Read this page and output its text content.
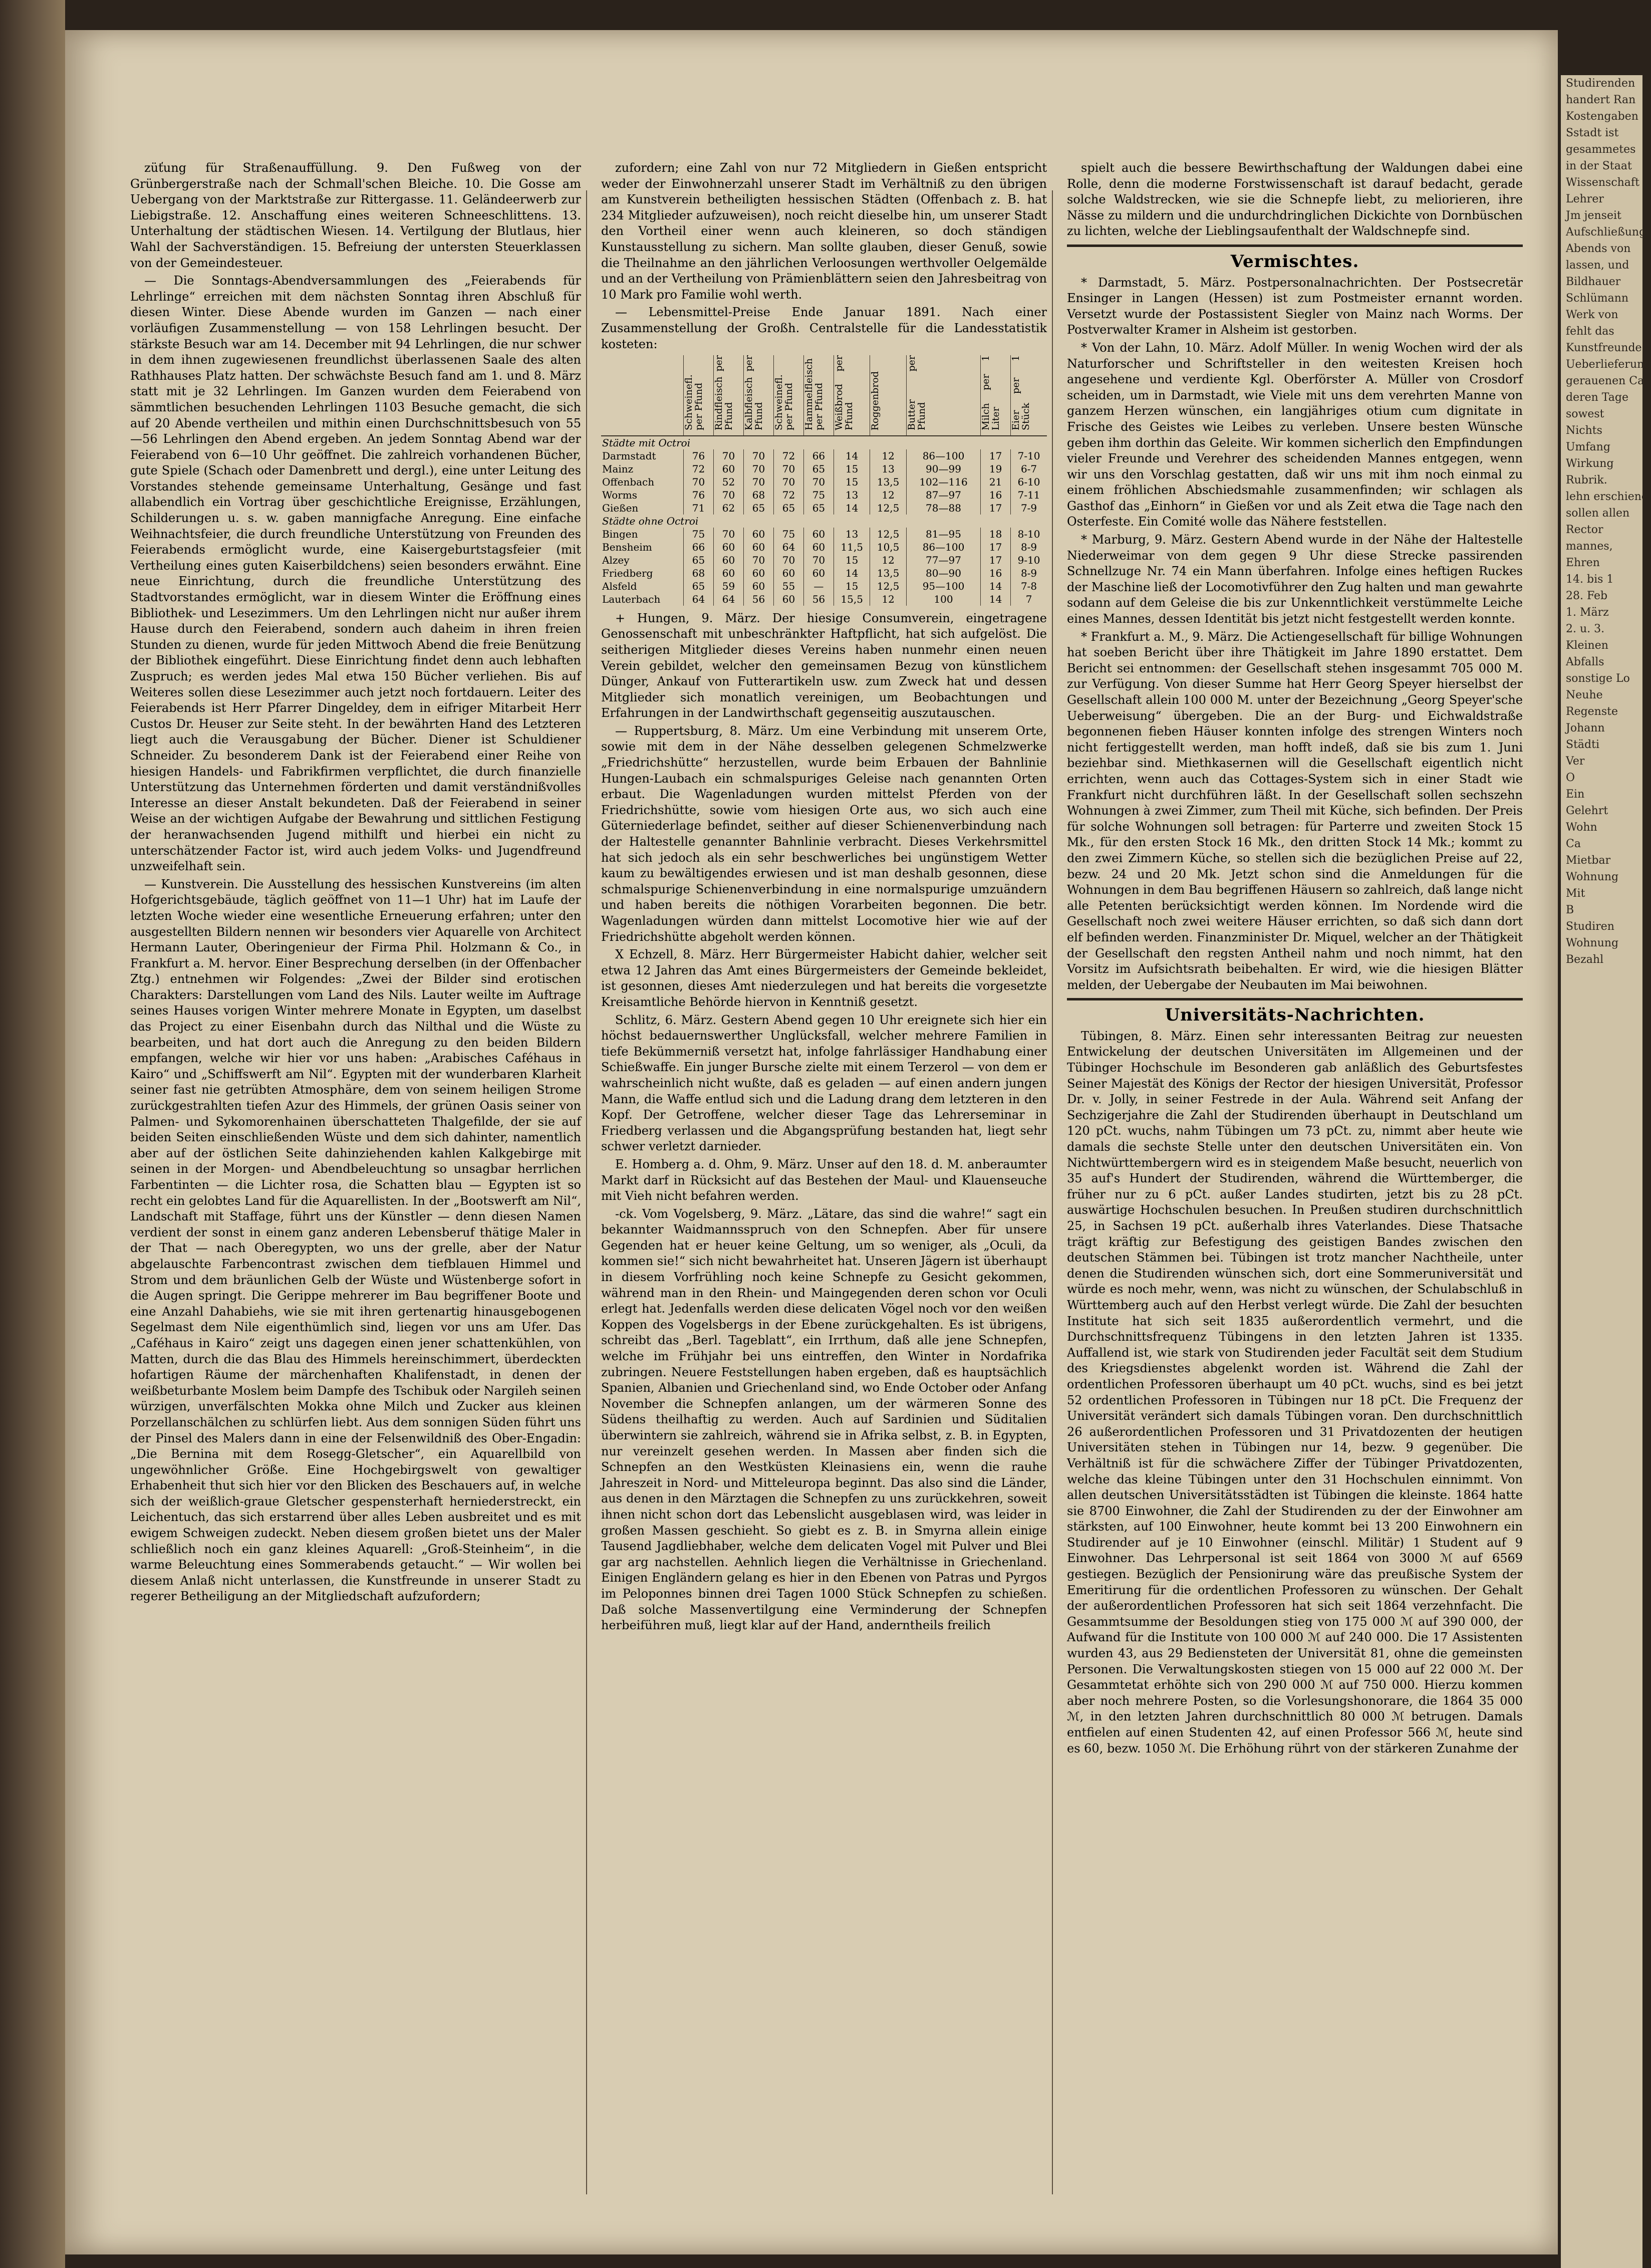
züťung für Straßenauffüllung. 9. Den Fußweg von der Grünbergerstraße nach der Schmall'schen Bleiche. 10. Die Gosse am Uebergang von der Marktstraße zur Rittergasse. 11. Geländeerwerb zur Liebigstraße. 12. Anschaffung eines weiteren Schneeschlittens. 13. Unterhaltung der städtischen Wiesen. 14. Vertilgung der Blutlaus, hier Wahl der Sachverständigen. 15. Befreiung der untersten Steuerklassen von der Gemeindesteuer.

— Die Sonntags-Abendversammlungen des „Feierabends für Lehrlinge“ erreichen mit dem nächsten Sonntag ihren Abschluß für diesen Winter. Diese Abende wurden im Ganzen — nach einer vorläufigen Zusammenstellung — von 158 Lehrlingen besucht. Der stärkste Besuch war am 14. December mit 94 Lehrlingen, die nur schwer in dem ihnen zugewiesenen freundlichst überlassenen Saale des alten Rathhauses Platz hatten. Der schwächste Besuch fand am 1. und 8. März statt mit je 32 Lehrlingen. Im Ganzen wurden dem Feierabend von sämmtlichen besuchenden Lehrlingen 1103 Besuche gemacht, die sich auf 20 Abende vertheilen und mithin einen Durchschnittsbesuch von 55—56 Lehrlingen den Abend ergeben. An jedem Sonntag Abend war der Feierabend von 6—10 Uhr geöffnet. Die zahlreich vorhandenen Bücher, gute Spiele (Schach oder Damenbrett und dergl.), eine unter Leitung des Vorstandes stehende gemeinsame Unterhaltung, Gesänge und fast allabendlich ein Vortrag über geschichtliche Ereignisse, Erzählungen, Schilderungen u. s. w. gaben mannigfache Anregung. Eine einfache Weihnachtsfeier, die durch freundliche Unterstützung von Freunden des Feierabends ermöglicht wurde, eine Kaisergeburtstagsfeier (mit Vertheilung eines guten Kaiserbildchens) seien besonders erwähnt. Eine neue Einrichtung, durch die freundliche Unterstützung des Stadtvorstandes ermöglicht, war in diesem Winter die Eröffnung eines Bibliothek- und Lesezimmers. Um den Lehrlingen nicht nur außer ihrem Hause durch den Feierabend, sondern auch daheim in ihren freien Stunden zu dienen, wurde für jeden Mittwoch Abend die freie Benützung der Bibliothek eingeführt. Diese Einrichtung findet denn auch lebhaften Zuspruch; es werden jedes Mal etwa 150 Bücher verliehen. Bis auf Weiteres sollen diese Lesezimmer auch jetzt noch fortdauern. Leiter des Feierabends ist Herr Pfarrer Dingeldey, dem in eifriger Mitarbeit Herr Custos Dr. Heuser zur Seite steht. In der bewährten Hand des Letzteren liegt auch die Verausgabung der Bücher. Diener ist Schuldiener Schneider. Zu besonderem Dank ist der Feierabend einer Reihe von hiesigen Handels- und Fabrikfirmen verpflichtet, die durch finanzielle Unterstützung das Unternehmen förderten und damit verständnißvolles Interesse an dieser Anstalt bekundeten. Daß der Feierabend in seiner Weise an der wichtigen Aufgabe der Bewahrung und sittlichen Festigung der heranwachsenden Jugend mithilft und hierbei ein nicht zu unterschätzender Factor ist, wird auch jedem Volks- und Jugendfreund unzweifelhaft sein.

— Kunstverein. Die Ausstellung des hessischen Kunstvereins (im alten Hofgerichtsgebäude, täglich geöffnet von 11—1 Uhr) hat im Laufe der letzten Woche wieder eine wesentliche Erneuerung erfahren; unter den ausgestellten Bildern nennen wir besonders vier Aquarelle von Architect Hermann Lauter, Oberingenieur der Firma Phil. Holzmann & Co., in Frankfurt a. M. hervor. Einer Besprechung derselben (in der Offenbacher Ztg.) entnehmen wir Folgendes: „Zwei der Bilder sind erotischen Charakters: Darstellungen vom Land des Nils. Lauter weilte im Auftrage seines Hauses vorigen Winter mehrere Monate in Egypten, um daselbst das Project zu einer Eisenbahn durch das Nilthal und die Wüste zu bearbeiten, und hat dort auch die Anregung zu den beiden Bildern empfangen, welche wir hier vor uns haben: „Arabisches Caféhaus in Kairo“ und „Schiffswerft am Nil“. Egypten mit der wunderbaren Klarheit seiner fast nie getrübten Atmosphäre, dem von seinem heiligen Strome zurückgestrahlten tiefen Azur des Himmels, der grünen Oasis seiner von Palmen- und Sykomorenhainen überschatteten Thalgefilde, der sie auf beiden Seiten einschließenden Wüste und dem sich dahinter, namentlich aber auf der östlichen Seite dahinziehenden kahlen Kalkgebirge mit seinen in der Morgen- und Abendbeleuchtung so unsagbar herrlichen Farbentinten — die Lichter rosa, die Schatten blau — Egypten ist so recht ein gelobtes Land für die Aquarellisten. In der „Bootswerft am Nil“, Landschaft mit Staffage, führt uns der Künstler — denn diesen Namen verdient der sonst in einem ganz anderen Lebensberuf thätige Maler in der That — nach Oberegypten, wo uns der grelle, aber der Natur abgelauschte Farbencontrast zwischen dem tiefblauen Himmel und Strom und dem bräunlichen Gelb der Wüste und Wüstenberge sofort in die Augen springt. Die Gerippe mehrerer im Bau begriffener Boote und eine Anzahl Dahabiehs, wie sie mit ihren gertenartig hinausgebogenen Segelmast dem Nile eigenthümlich sind, liegen vor uns am Ufer. Das „Caféhaus in Kairo“ zeigt uns dagegen einen jener schattenkühlen, von Matten, durch die das Blau des Himmels hereinschimmert, überdeckten hofartigen Räume der märchenhaften Khalifenstadt, in denen der weißbeturbante Moslem beim Dampfe des Tschibuk oder Nargileh seinen würzigen, unverfälschten Mokka ohne Milch und Zucker aus kleinen Porzellanschälchen zu schlürfen liebt. Aus dem sonnigen Süden führt uns der Pinsel des Malers dann in eine der Felsenwildniß des Ober-Engadin: „Die Bernina mit dem Rosegg-Gletscher“, ein Aquarellbild von ungewöhnlicher Größe. Eine Hochgebirgswelt von gewaltiger Erhabenheit thut sich hier vor den Blicken des Beschauers auf, in welche sich der weißlich-graue Gletscher gespensterhaft herniederstreckt, ein Leichentuch, das sich erstarrend über alles Leben ausbreitet und es mit ewigem Schweigen zudeckt. Neben diesem großen bietet uns der Maler schließlich noch ein ganz kleines Aquarell: „Groß-Steinheim“, in die warme Beleuchtung eines Sommerabends getaucht.“ — Wir wollen bei diesem Anlaß nicht unterlassen, die Kunstfreunde in unserer Stadt zu regerer Betheiligung an der Mitgliedschaft aufzufordern;

zufordern; eine Zahl von nur 72 Mitgliedern in Gießen entspricht weder der Einwohnerzahl unserer Stadt im Verhältniß zu den übrigen am Kunstverein betheiligten hessischen Städten (Offenbach z. B. hat 234 Mitglieder aufzuweisen), noch reicht dieselbe hin, um unserer Stadt den Vortheil einer wenn auch kleineren, so doch ständigen Kunstausstellung zu sichern. Man sollte glauben, dieser Genuß, sowie die Theilnahme an den jährlichen Verloosungen werthvoller Oelgemälde und an der Vertheilung von Prämienblättern seien den Jahresbeitrag von 10 Mark pro Familie wohl werth.

— Lebensmittel-Preise Ende Januar 1891. Nach einer Zusammenstellung der Großh. Centralstelle für die Landesstatistik kosteten:

	Schweinefl. per Pfund	Rindfleisch per Pfund	Kalbfleisch per Pfund	Schweinefl. per Pfund	Hammelfleisch per Pfund	Weißbrod per Pfund	Roggenbrod	Butter per Pfund	Milch per 1 Liter	Eier per 1 Stück
Städte mit Octroi										
Darmstadt	76	70	70	72	66	14	12	86—100	17	7-10
Mainz	72	60	70	70	65	15	13	90—99	19	6-7
Offenbach	70	52	70	70	70	15	13,5	102—116	21	6-10
Worms	76	70	68	72	75	13	12	87—97	16	7-11
Gießen	71	62	65	65	65	14	12,5	78—88	17	7-9
Städte ohne Octroi										
Bingen	75	70	60	75	60	13	12,5	81—95	18	8-10
Bensheim	66	60	60	64	60	11,5	10,5	86—100	17	8-9
Alzey	65	60	70	70	70	15	12	77—97	17	9-10
Friedberg	68	60	60	60	60	14	13,5	80—90	16	8-9
Alsfeld	65	59	60	55	—	15	12,5	95—100	14	7-8
Lauterbach	64	64	56	60	56	15,5	12	100	14	7

+ Hungen, 9. März. Der hiesige Consumverein, eingetragene Genossenschaft mit unbeschränkter Haftpflicht, hat sich aufgelöst. Die seitherigen Mitglieder dieses Vereins haben nunmehr einen neuen Verein gebildet, welcher den gemeinsamen Bezug von künstlichem Dünger, Ankauf von Futterartikeln usw. zum Zweck hat und dessen Mitglieder sich monatlich vereinigen, um Beobachtungen und Erfahrungen in der Landwirthschaft gegenseitig auszutauschen.

— Ruppertsburg, 8. März. Um eine Verbindung mit unserem Orte, sowie mit dem in der Nähe desselben gelegenen Schmelzwerke „Friedrichshütte“ herzustellen, wurde beim Erbauen der Bahnlinie Hungen-Laubach ein schmalspuriges Geleise nach genannten Orten erbaut. Die Wagenladungen wurden mittelst Pferden von der Friedrichshütte, sowie vom hiesigen Orte aus, wo sich auch eine Güterniederlage befindet, seither auf dieser Schienenverbindung nach der Haltestelle genannter Bahnlinie verbracht. Dieses Verkehrsmittel hat sich jedoch als ein sehr beschwerliches bei ungünstigem Wetter kaum zu bewältigendes erwiesen und ist man deshalb gesonnen, diese schmalspurige Schienenverbindung in eine normalspurige umzuändern und haben bereits die nöthigen Vorarbeiten begonnen. Die betr. Wagenladungen würden dann mittelst Locomotive hier wie auf der Friedrichshütte abgeholt werden können.

X Echzell, 8. März. Herr Bürgermeister Habicht dahier, welcher seit etwa 12 Jahren das Amt eines Bürgermeisters der Gemeinde bekleidet, ist gesonnen, dieses Amt niederzulegen und hat bereits die vorgesetzte Kreisamtliche Behörde hiervon in Kenntniß gesetzt.

Schlitz, 6. März. Gestern Abend gegen 10 Uhr ereignete sich hier ein höchst bedauernswerther Unglücksfall, welcher mehrere Familien in tiefe Bekümmerniß versetzt hat, infolge fahrlässiger Handhabung einer Schießwaffe. Ein junger Bursche zielte mit einem Terzerol — von dem er wahrscheinlich nicht wußte, daß es geladen — auf einen andern jungen Mann, die Waffe entlud sich und die Ladung drang dem letzteren in den Kopf. Der Getroffene, welcher dieser Tage das Lehrerseminar in Friedberg verlassen und die Abgangsprüfung bestanden hat, liegt sehr schwer verletzt darnieder.

E. Homberg a. d. Ohm, 9. März. Unser auf den 18. d. M. anberaumter Markt darf in Rücksicht auf das Bestehen der Maul- und Klauenseuche mit Vieh nicht befahren werden.

-ck. Vom Vogelsberg, 9. März. „Lätare, das sind die wahre!“ sagt ein bekannter Waidmannsspruch von den Schnepfen. Aber für unsere Gegenden hat er heuer keine Geltung, um so weniger, als „Oculi, da kommen sie!“ sich nicht bewahrheitet hat. Unseren Jägern ist überhaupt in diesem Vorfrühling noch keine Schnepfe zu Gesicht gekommen, während man in den Rhein- und Maingegenden deren schon vor Oculi erlegt hat. Jedenfalls werden diese delicaten Vögel noch vor den weißen Koppen des Vogelsbergs in der Ebene zurückgehalten. Es ist übrigens, schreibt das „Berl. Tageblatt“, ein Irrthum, daß alle jene Schnepfen, welche im Frühjahr bei uns eintreffen, den Winter in Nordafrika zubringen. Neuere Feststellungen haben ergeben, daß es hauptsächlich Spanien, Albanien und Griechenland sind, wo Ende October oder Anfang November die Schnepfen anlangen, um der wärmeren Sonne des Südens theilhaftig zu werden. Auch auf Sardinien und Süditalien überwintern sie zahlreich, während sie in Afrika selbst, z. B. in Egypten, nur vereinzelt gesehen werden. In Massen aber finden sich die Schnepfen an den Westküsten Kleinasiens ein, wenn die rauhe Jahreszeit in Nord- und Mitteleuropa beginnt. Das also sind die Länder, aus denen in den Märztagen die Schnepfen zu uns zurückkehren, soweit ihnen nicht schon dort das Lebenslicht ausgeblasen wird, was leider in großen Massen geschieht. So giebt es z. B. in Smyrna allein einige Tausend Jagdliebhaber, welche dem delicaten Vogel mit Pulver und Blei gar arg nachstellen. Aehnlich liegen die Verhältnisse in Griechenland. Einigen Engländern gelang es hier in den Ebenen von Patras und Pyrgos im Peloponnes binnen drei Tagen 1000 Stück Schnepfen zu schießen. Daß solche Massenvertilgung eine Verminderung der Schnepfen herbeiführen muß, liegt klar auf der Hand, anderntheils freilich

spielt auch die bessere Bewirthschaftung der Waldungen dabei eine Rolle, denn die moderne Forstwissenschaft ist darauf bedacht, gerade solche Waldstrecken, wie sie die Schnepfe liebt, zu meliorieren, ihre Nässe zu mildern und die undurchdringlichen Dickichte von Dornbüschen zu lichten, welche der Lieblingsaufenthalt der Waldschnepfe sind.

Vermischtes.

* Darmstadt, 5. März. Postpersonalnachrichten. Der Postsecretär Ensinger in Langen (Hessen) ist zum Postmeister ernannt worden. Versetzt wurde der Postassistent Siegler von Mainz nach Worms. Der Postverwalter Kramer in Alsheim ist gestorben.

* Von der Lahn, 10. März. Adolf Müller. In wenig Wochen wird der als Naturforscher und Schriftsteller in den weitesten Kreisen hoch angesehene und verdiente Kgl. Oberförster A. Müller von Crosdorf scheiden, um in Darmstadt, wie Viele mit uns dem verehrten Manne von ganzem Herzen wünschen, ein langjähriges otium cum dignitate in Frische des Geistes wie Leibes zu verleben. Unsere besten Wünsche geben ihm dorthin das Geleite. Wir kommen sicherlich den Empfindungen vieler Freunde und Verehrer des scheidenden Mannes entgegen, wenn wir uns den Vorschlag gestatten, daß wir uns mit ihm noch einmal zu einem fröhlichen Abschiedsmahle zusammenfinden; wir schlagen als Gasthof das „Einhorn“ in Gießen vor und als Zeit etwa die Tage nach den Osterfeste. Ein Comité wolle das Nähere feststellen.

* Marburg, 9. März. Gestern Abend wurde in der Nähe der Haltestelle Niederweimar von dem gegen 9 Uhr diese Strecke passirenden Schnellzuge Nr. 74 ein Mann überfahren. Infolge eines heftigen Ruckes der Maschine ließ der Locomotivführer den Zug halten und man gewahrte sodann auf dem Geleise die bis zur Unkenntlichkeit verstümmelte Leiche eines Mannes, dessen Identität bis jetzt nicht festgestellt werden konnte.

* Frankfurt a. M., 9. März. Die Actiengesellschaft für billige Wohnungen hat soeben Bericht über ihre Thätigkeit im Jahre 1890 erstattet. Dem Bericht sei entnommen: der Gesellschaft stehen insgesammt 705 000 M. zur Verfügung. Von dieser Summe hat Herr Georg Speyer hierselbst der Gesellschaft allein 100 000 M. unter der Bezeichnung „Georg Speyer'sche Ueberweisung“ übergeben. Die an der Burg- und Eichwaldstraße begonnenen fieben Häuser konnten infolge des strengen Winters noch nicht fertiggestellt werden, man hofft indeß, daß sie bis zum 1. Juni beziehbar sind. Miethkasernen will die Gesellschaft eigentlich nicht errichten, wenn auch das Cottages-System sich in einer Stadt wie Frankfurt nicht durchführen läßt. In der Gesellschaft sollen sechszehn Wohnungen à zwei Zimmer, zum Theil mit Küche, sich befinden. Der Preis für solche Wohnungen soll betragen: für Parterre und zweiten Stock 15 Mk., für den ersten Stock 16 Mk., den dritten Stock 14 Mk.; kommt zu den zwei Zimmern Küche, so stellen sich die bezüglichen Preise auf 22, bezw. 24 und 20 Mk. Jetzt schon sind die Anmeldungen für die Wohnungen in dem Bau begriffenen Häusern so zahlreich, daß lange nicht alle Petenten berücksichtigt werden können. Im Nordende wird die Gesellschaft noch zwei weitere Häuser errichten, so daß sich dann dort elf befinden werden. Finanzminister Dr. Miquel, welcher an der Thätigkeit der Gesellschaft den regsten Antheil nahm und noch nimmt, hat den Vorsitz im Aufsichtsrath beibehalten. Er wird, wie die hiesigen Blätter melden, der Uebergabe der Neubauten im Mai beiwohnen.

Universitäts-Nachrichten.

Tübingen, 8. März. Einen sehr interessanten Beitrag zur neuesten Entwickelung der deutschen Universitäten im Allgemeinen und der Tübinger Hochschule im Besonderen gab anläßlich des Geburtsfestes Seiner Majestät des Königs der Rector der hiesigen Universität, Professor Dr. v. Jolly, in seiner Festrede in der Aula. Während seit Anfang der Sechzigerjahre die Zahl der Studirenden überhaupt in Deutschland um 120 pCt. wuchs, nahm Tübingen um 73 pCt. zu, nimmt aber heute wie damals die sechste Stelle unter den deutschen Universitäten ein. Von Nichtwürttembergern wird es in steigendem Maße besucht, neuerlich von 35 auf's Hundert der Studirenden, während die Württemberger, die früher nur zu 6 pCt. außer Landes studirten, jetzt bis zu 28 pCt. auswärtige Hochschulen besuchen. In Preußen studiren durchschnittlich 25, in Sachsen 19 pCt. außerhalb ihres Vaterlandes. Diese Thatsache trägt kräftig zur Befestigung des geistigen Bandes zwischen den deutschen Stämmen bei. Tübingen ist trotz mancher Nachtheile, unter denen die Studirenden wünschen sich, dort eine Sommeruniversität und würde es noch mehr, wenn, was nicht zu wünschen, der Schulabschluß in Württemberg auch auf den Herbst verlegt würde. Die Zahl der besuchten Institute hat sich seit 1835 außerordentlich vermehrt, und die Durchschnittsfrequenz Tübingens in den letzten Jahren ist 1335. Auffallend ist, wie stark von Studirenden jeder Facultät seit dem Studium des Kriegsdienstes abgelenkt worden ist. Während die Zahl der ordentlichen Professoren überhaupt um 40 pCt. wuchs, sind es bei jetzt 52 ordentlichen Professoren in Tübingen nur 18 pCt. Die Frequenz der Universität verändert sich damals Tübingen voran. Den durchschnittlich 26 außerordentlichen Professoren und 31 Privatdozenten der heutigen Universitäten stehen in Tübingen nur 14, bezw. 9 gegenüber. Die Verhältniß ist für die schwächere Ziffer der Tübinger Privatdozenten, welche das kleine Tübingen unter den 31 Hochschulen einnimmt. Von allen deutschen Universitätsstädten ist Tübingen die kleinste. 1864 hatte sie 8700 Einwohner, die Zahl der Studirenden zu der der Einwohner am stärksten, auf 100 Einwohner, heute kommt bei 13 200 Einwohnern ein Studirender auf je 10 Einwohner (einschl. Militär) 1 Student auf 9 Einwohner. Das Lehrpersonal ist seit 1864 von 3000 ℳ auf 6569 gestiegen. Bezüglich der Pensionirung wäre das preußische System der Emeritirung für die ordentlichen Professoren zu wünschen. Der Gehalt der außerordentlichen Professoren hat sich seit 1864 verzehnfacht. Die Gesammtsumme der Besoldungen stieg von 175 000 ℳ auf 390 000, der Aufwand für die Institute von 100 000 ℳ auf 240 000. Die 17 Assistenten wurden 43, aus 29 Bediensteten der Universität 81, ohne die gemeinsten Personen. Die Verwaltungskosten stiegen von 15 000 auf 22 000 ℳ. Der Gesammtetat erhöhte sich von 290 000 ℳ auf 750 000. Hierzu kommen aber noch mehrere Posten, so die Vorlesungshonorare, die 1864 35 000 ℳ, in den letzten Jahren durchschnittlich 80 000 ℳ betrugen. Damals entfielen auf einen Studenten 42, auf einen Professor 566 ℳ, heute sind es 60, bezw. 1050 ℳ. Die Erhöhung rührt von der stärkeren Zunahme der

Studirenden
handert Ran
Kostengaben
Sstadt ist
gesammetes
in der Staat
Wissenschaft
Lehrer
Jm jenseit
Aufschließung
Abends von
lassen, und
Bildhauer
Schlümann
Werk von
fehlt das
Kunstfreunde
Ueberlieferung
gerauenen Ca
deren Tage
sowest
Nichts
Umfang
Wirkung
Rubrik.
lehn erschiene
sollen allen
Rector
mannes,
Ehren
14. bis 1
28. Feb
1. März
2. u. 3.
Kleinen
Abfalls
sonstige Lo
Neuhe
Regenste
Johann
Städti
Ver
O
Ein
Gelehrt
Wohn
Ca
Mietbar
Wohnung
Mit
B
Studiren
Wohnung
Bezahl
